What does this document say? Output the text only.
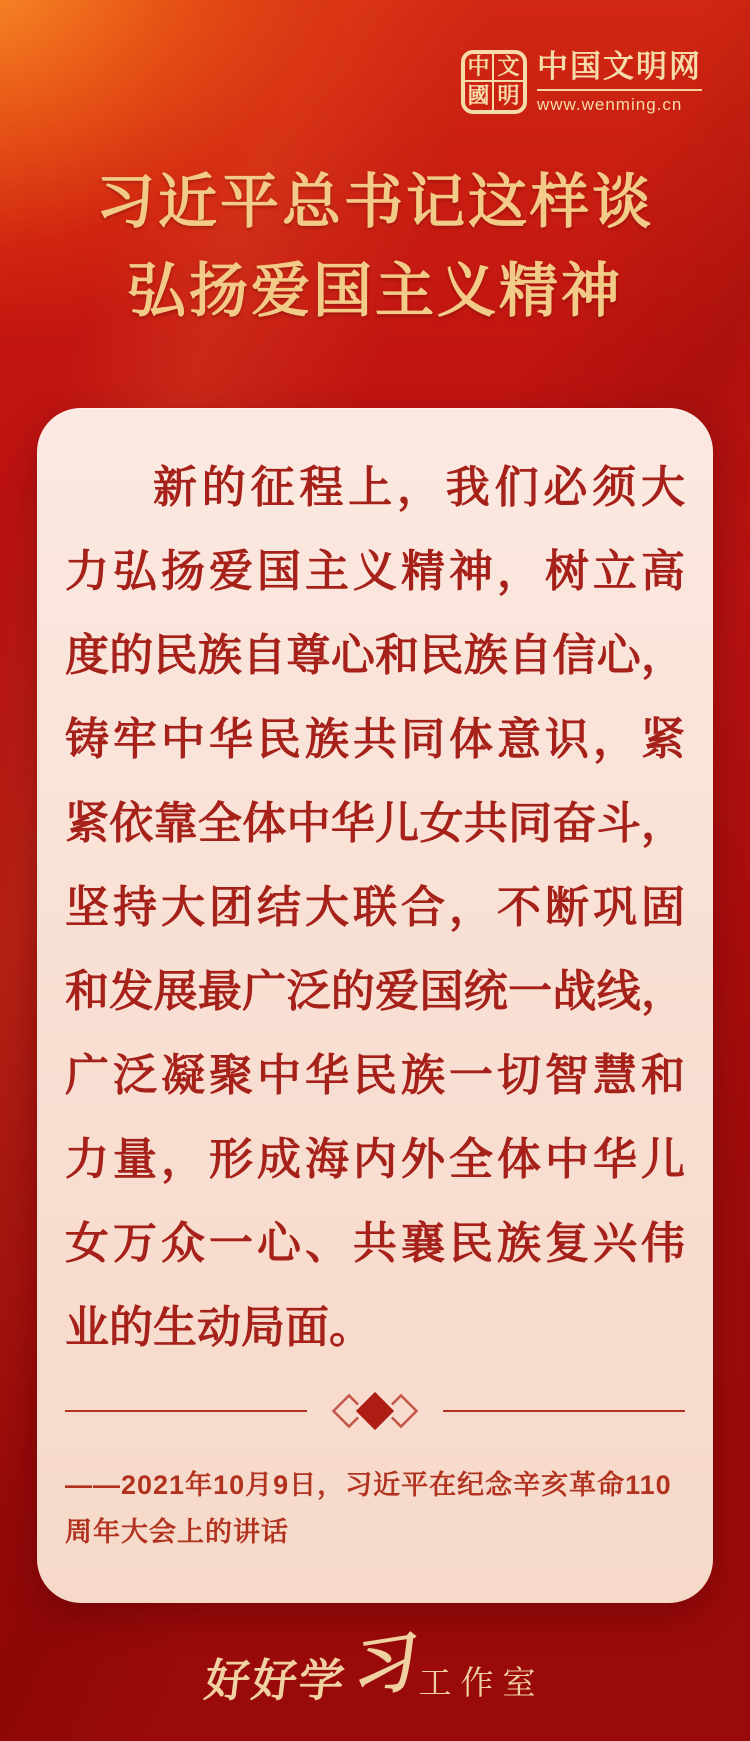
中 文
國 明
中国文明网
www.wenming.cn
习近平总书记这样谈
弘扬爱国主义精神
新的征程上，我们必须大
力弘扬爱国主义精神，树立高
度的民族自尊心和民族自信心，
铸牢中华民族共同体意识，紧
紧依靠全体中华儿女共同奋斗，
坚持大团结大联合，不断巩固
和发展最广泛的爱国统一战线，
广泛凝聚中华民族一切智慧和
力量，形成海内外全体中华儿
女万众一心、共襄民族复兴伟
业的生动局面。

——2021年10月9日，习近平在纪念辛亥革命110周年大会上的讲话

好好学
习 工作室
